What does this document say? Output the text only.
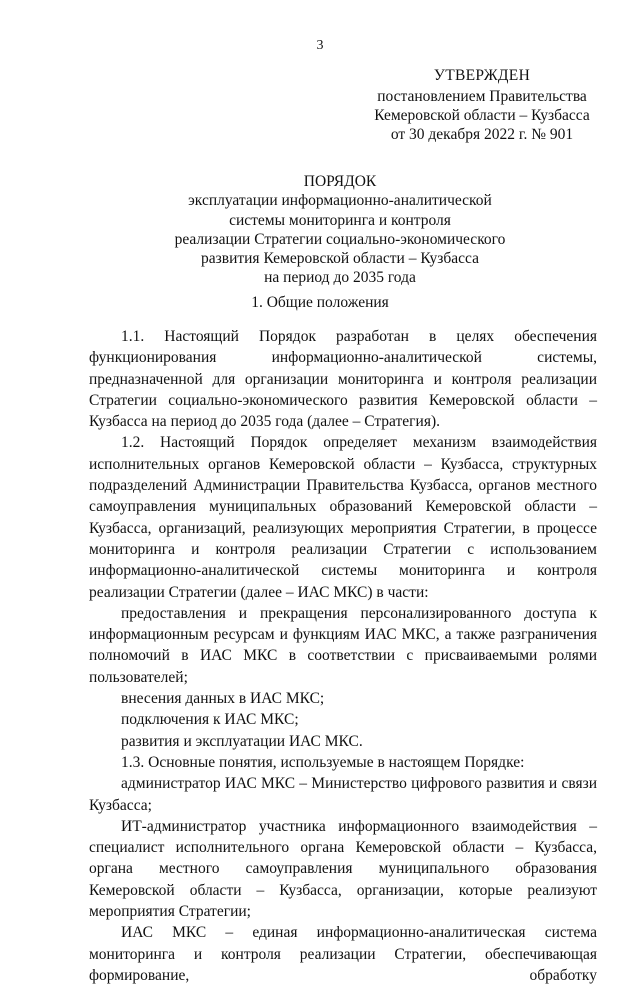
3
УТВЕРЖДЕН
постановлением Правительства
Кемеровской области – Кузбасса
от 30 декабря 2022 г. № 901
ПОРЯДОК
эксплуатации информационно-аналитической
системы мониторинга и контроля
реализации Стратегии социально-экономического
развития Кемеровской области – Кузбасса
на период до 2035 года
1. Общие положения

1.1. Настоящий Порядок разработан в целях обеспечения функционирования информационно-аналитической системы, предназначенной для организации мониторинга и контроля реализации Стратегии социально-экономического развития Кемеровской области – Кузбасса на период до 2035 года (далее – Стратегия).

1.2. Настоящий Порядок определяет механизм взаимодействия исполнительных органов Кемеровской области – Кузбасса, структурных подразделений Администрации Правительства Кузбасса, органов местного самоуправления муниципальных образований Кемеровской области – Кузбасса, организаций, реализующих мероприятия Стратегии, в процессе мониторинга и контроля реализации Стратегии с использованием информационно-аналитической системы мониторинга и контроля реализации Стратегии (далее – ИАС МКС) в части:

предоставления и прекращения персонализированного доступа к информационным ресурсам и функциям ИАС МКС, а также разграничения полномочий в ИАС МКС в соответствии с присваиваемыми ролями пользователей;

внесения данных в ИАС МКС;

подключения к ИАС МКС;

развития и эксплуатации ИАС МКС.

1.3. Основные понятия, используемые в настоящем Порядке:

администратор ИАС МКС – Министерство цифрового развития и связи Кузбасса;

ИТ-администратор участника информационного взаимодействия – специалист исполнительного органа Кемеровской области – Кузбасса, органа местного самоуправления муниципального образования Кемеровской области – Кузбасса, организации, которые реализуют мероприятия Стратегии;

ИАС МКС – единая информационно-аналитическая система мониторинга и контроля реализации Стратегии, обеспечивающая формирование, обработку
